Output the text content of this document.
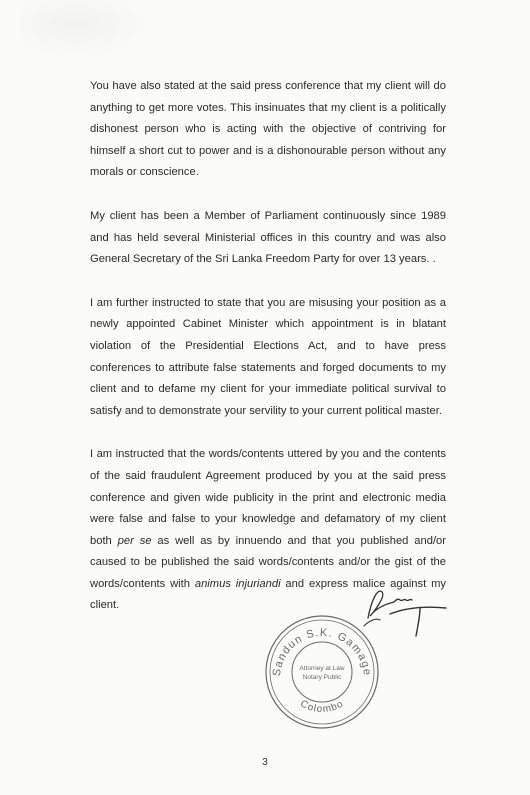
You have also stated at the said press conference that my client will do anything to get more votes. This insinuates that my client is a politically dishonest person who is acting with the objective of contriving for himself a short cut to power and is a dishonourable person without any morals or conscience.

My client has been a Member of Parliament continuously since 1989 and has held several Ministerial offices in this country and was also General Secretary of the Sri Lanka Freedom Party for over 13 years. .

I am further instructed to state that you are misusing your position as a newly appointed Cabinet Minister which appointment is in blatant violation of the Presidential Elections Act, and to have press conferences to attribute false statements and forged documents to my client and to defame my client for your immediate political survival to satisfy and to demonstrate your servility to your current political master.

I am instructed that the words/contents uttered by you and the contents of the said fraudulent Agreement produced by you at the said press conference and given wide publicity in the print and electronic media were false and false to your knowledge and defamatory of my client both per se as well as by innuendo and that you published and/or caused to be published the said words/contents and/or the gist of the words/contents with animus injuriandi and express malice against my client.

Sandun S.K. Gamage
Colombo
Attorney at Law
Notary Public
3
